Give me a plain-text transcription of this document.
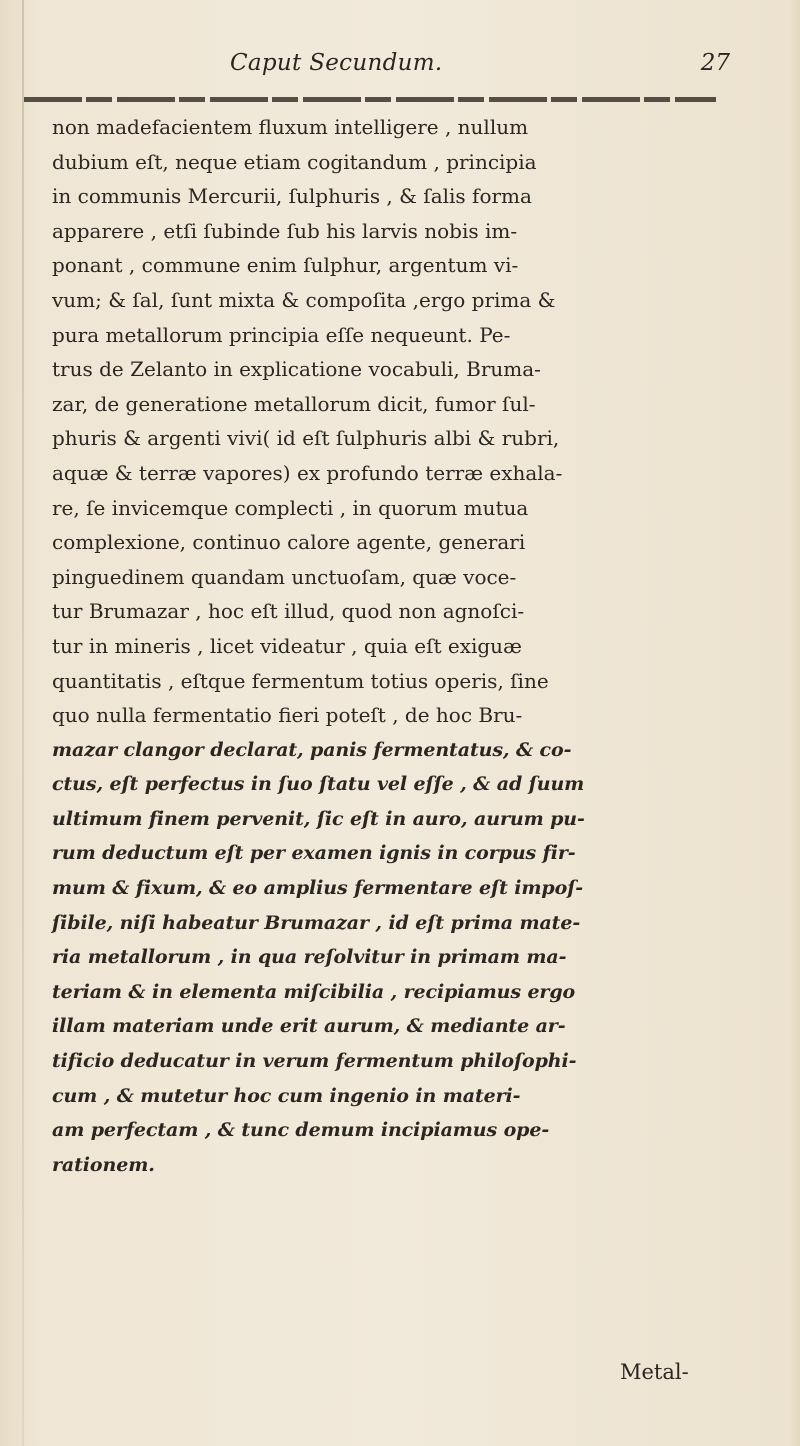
Caput Secundum.	27
non madefacientem fluxum intelligere , nullum
dubium eſt, neque etiam cogitandum , principia
in communis Mercurii, ſulphuris , & ſalis forma
apparere , etſi ſubinde ſub his larvis nobis im-
ponant , commune enim ſulphur, argentum vi-
vum; & ſal, ſunt mixta & compoſita ,ergo prima &
pura metallorum principia eſſe nequeunt. Pe-
trus de Zelanto in explicatione vocabuli, Bruma-
zar, de generatione metallorum dicit, fumor ſul-
phuris & argenti vivi( id eſt ſulphuris albi & rubri,
aquæ & terræ vapores) ex profundo terræ exhala-
re, ſe invicemque complecti , in quorum mutua
complexione, continuo calore agente, generari
pinguedinem quandam unctuoſam, quæ voce-
tur Brumazar , hoc eſt illud, quod non agnoſci-
tur in mineris , licet videatur , quia eſt exiguæ
quantitatis , eſtque fermentum totius operis, ſine
quo nulla fermentatio fieri poteſt , de hoc Bru-
mazar clangor declarat, panis fermentatus, & co-
ctus, eſt perfectus in ſuo ſtatu vel eſſe , & ad ſuum
ultimum finem pervenit, ſic eſt in auro, aurum pu-
rum deductum eſt per examen ignis in corpus fir-
mum & fixum, & eo amplius fermentare eſt impoſ-
ſibile, niſi habeatur Brumazar , id eſt prima mate-
ria metallorum , in qua reſolvitur in primam ma-
teriam & in elementa miſcibilia , recipiamus ergo
illam materiam unde erit aurum, & mediante ar-
tificio deducatur in verum fermentum philoſophi-
cum , & mutetur hoc cum ingenio in materi-
am perfectam , & tunc demum incipiamus ope-
rationem.
Metal-
